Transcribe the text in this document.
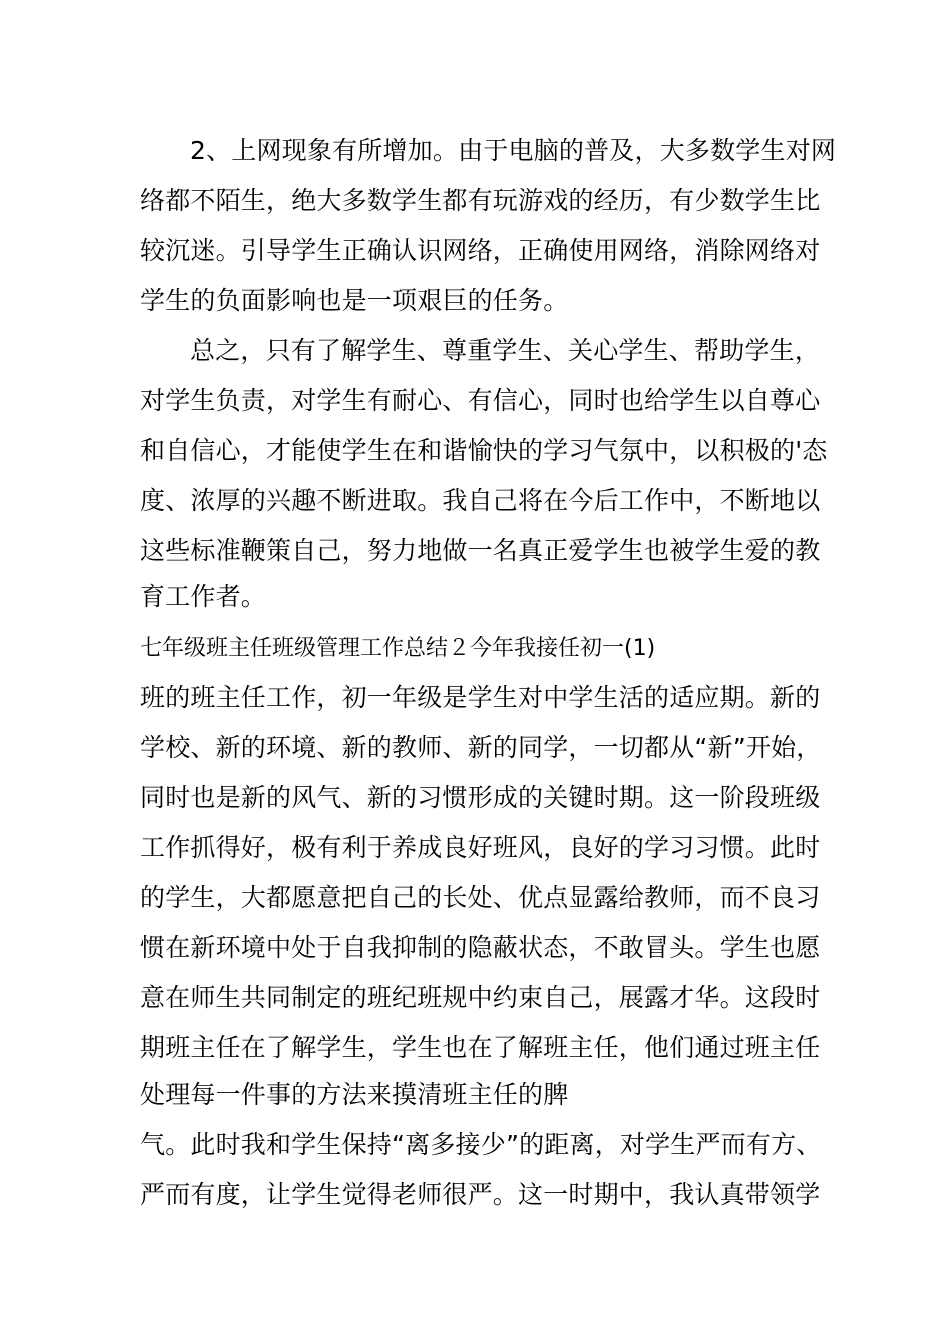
2、上网现象有所增加。由于电脑的普及，大多数学生对网
络都不陌生，绝大多数学生都有玩游戏的经历，有少数学生比
较沉迷。引导学生正确认识网络，正确使用网络，消除网络对
学生的负面影响也是一项艰巨的任务。
总之，只有了解学生、尊重学生、关心学生、帮助学生，
对学生负责，对学生有耐心、有信心，同时也给学生以自尊心
和自信心，才能使学生在和谐愉快的学习气氛中，以积极的'态
度、浓厚的兴趣不断进取。我自己将在今后工作中，不断地以
这些标准鞭策自己，努力地做一名真正爱学生也被学生爱的教
育工作者。
七年级班主任班级管理工作总结２今年我接任初一(1)
班的班主任工作，初一年级是学生对中学生活的适应期。新的
学校、新的环境、新的教师、新的同学，一切都从“新”开始，
同时也是新的风气、新的习惯形成的关键时期。这一阶段班级
工作抓得好，极有利于养成良好班风，良好的学习习惯。此时
的学生，大都愿意把自己的长处、优点显露给教师，而不良习
惯在新环境中处于自我抑制的隐蔽状态，不敢冒头。学生也愿
意在师生共同制定的班纪班规中约束自己，展露才华。这段时
期班主任在了解学生，学生也在了解班主任，他们通过班主任
处理每一件事的方法来摸清班主任的脾
气。此时我和学生保持“离多接少”的距离，对学生严而有方、
严而有度，让学生觉得老师很严。这一时期中，我认真带领学
